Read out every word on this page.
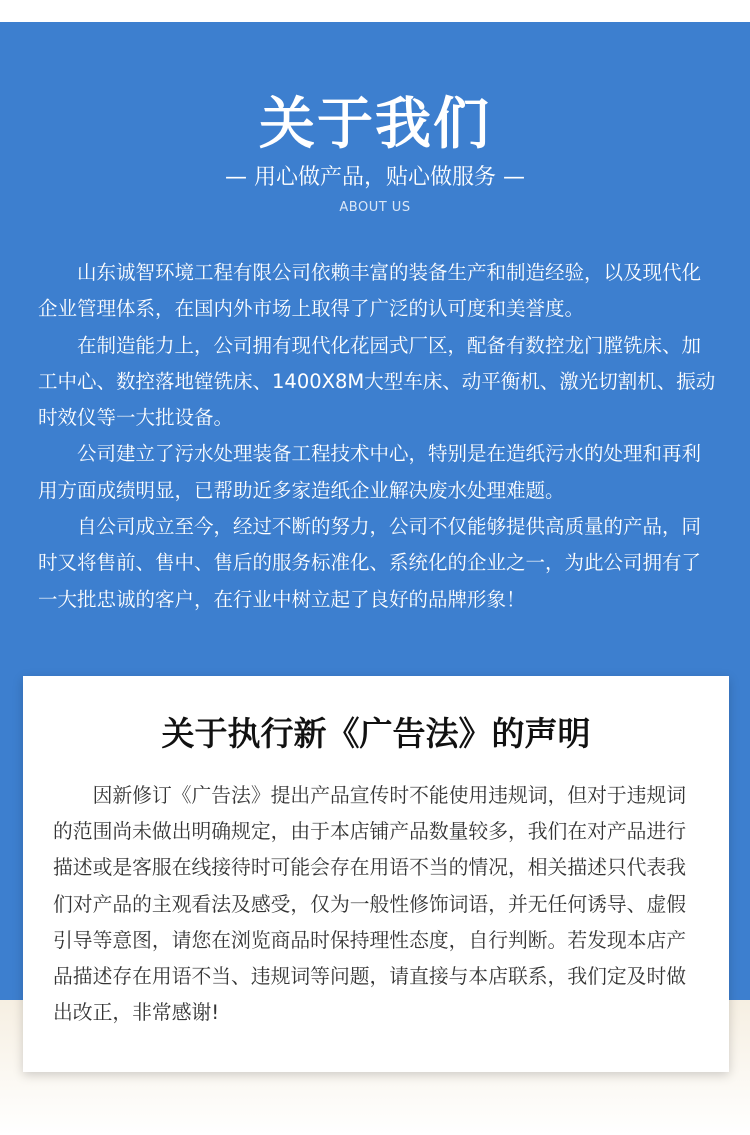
关于我们
— 用心做产品，贴心做服务 —
ABOUT US

山东诚智环境工程有限公司依赖丰富的装备生产和制造经验，以及现代化企业管理体系，在国内外市场上取得了广泛的认可度和美誉度。

在制造能力上，公司拥有现代化花园式厂区，配备有数控龙门膛铣床、加工中心、数控落地镗铣床、1400X8M大型车床、动平衡机、激光切割机、振动时效仪等一大批设备。

公司建立了污水处理装备工程技术中心，特别是在造纸污水的处理和再利用方面成绩明显，已帮助近多家造纸企业解决废水处理难题。

自公司成立至今，经过不断的努力，公司不仅能够提供高质量的产品，同时又将售前、售中、售后的服务标准化、系统化的企业之一，为此公司拥有了一大批忠诚的客户，在行业中树立起了良好的品牌形象！

关于执行新《广告法》的声明

因新修订《广告法》提出产品宣传时不能使用违规词，但对于违规词的范围尚未做出明确规定，由于本店铺产品数量较多，我们在对产品进行描述或是客服在线接待时可能会存在用语不当的情况，相关描述只代表我们对产品的主观看法及感受，仅为一般性修饰词语，并无任何诱导、虚假引导等意图，请您在浏览商品时保持理性态度，自行判断。若发现本店产品描述存在用语不当、违规词等问题，请直接与本店联系，我们定及时做出改正，非常感谢!
